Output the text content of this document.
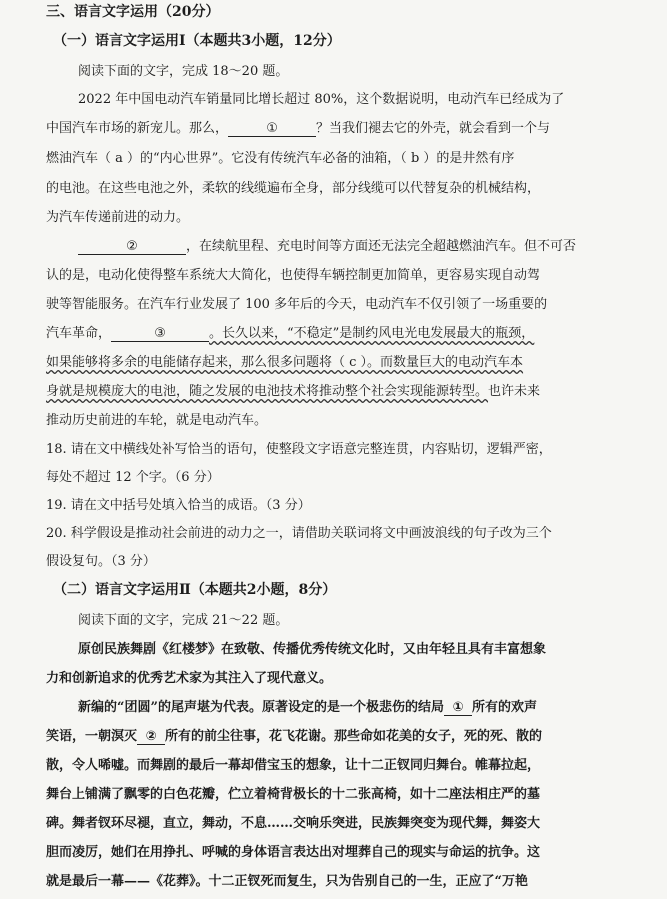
三、语言文字运用（20分）
（一）语言文字运用Ⅰ（本题共3小题，12分）
阅读下面的文字，完成 18～20 题。
2022 年中国电动汽车销量同比增长超过 80%，这个数据说明，电动汽车已经成为了
中国汽车市场的新宠儿。那么，	①	？当我们褪去它的外壳，就会看到一个与
燃油汽车（ a ）的“内心世界”。它没有传统汽车必备的油箱，（ b ）的是井然有序
的电池。在这些电池之外，柔软的线缆遍布全身，部分线缆可以代替复杂的机械结构，
为汽车传递前进的动力。
②	，在续航里程、充电时间等方面还无法完全超越燃油汽车。但不可否
认的是，电动化使得整车系统大大简化，也使得车辆控制更加简单，更容易实现自动驾
驶等智能服务。在汽车行业发展了 100 多年后的今天，电动汽车不仅引领了一场重要的
汽车革命，	③	。长久以来，“不稳定”是制约风电光电发展最大的瓶颈，
如果能够将多余的电能储存起来，那么很多问题将（ c ）。而数量巨大的电动汽车本
身就是规模庞大的电池，随之发展的电池技术将推动整个社会实现能源转型。也许未来
推动历史前进的车轮，就是电动汽车。
18. 请在文中横线处补写恰当的语句，使整段文字语意完整连贯，内容贴切，逻辑严密，
每处不超过 12 个字。（6 分）
19. 请在文中括号处填入恰当的成语。（3 分）
20. 科学假设是推动社会前进的动力之一，请借助关联词将文中画波浪线的句子改为三个
假设复句。（3 分）
（二）语言文字运用Ⅱ（本题共2小题，8分）
阅读下面的文字，完成 21～22 题。
原创民族舞剧《红楼梦》在致敬、传播优秀传统文化时，又由年轻且具有丰富想象
力和创新追求的优秀艺术家为其注入了现代意义。
新编的“团圆”的尾声堪为代表。原著设定的是一个极悲伤的结局 ① 所有的欢声
笑语，一朝溟灭 ② 所有的前尘往事，花飞花谢。那些命如花美的女子，死的死、散的
散，令人唏嘘。而舞剧的最后一幕却借宝玉的想象，让十二正钗同归舞台。帷幕拉起，
舞台上铺满了飘零的白色花瓣，伫立着椅背极长的十二张高椅，如十二座法相庄严的墓
碑。舞者钗环尽褪，直立，舞动，不息……交响乐突进，民族舞突变为现代舞，舞姿大
胆而凌厉，她们在用挣扎、呼喊的身体语言表达出对埋葬自己的现实与命运的抗争。这
就是最后一幕——《花葬》。十二正钗死而复生，只为告别自己的一生，正应了“万艳
